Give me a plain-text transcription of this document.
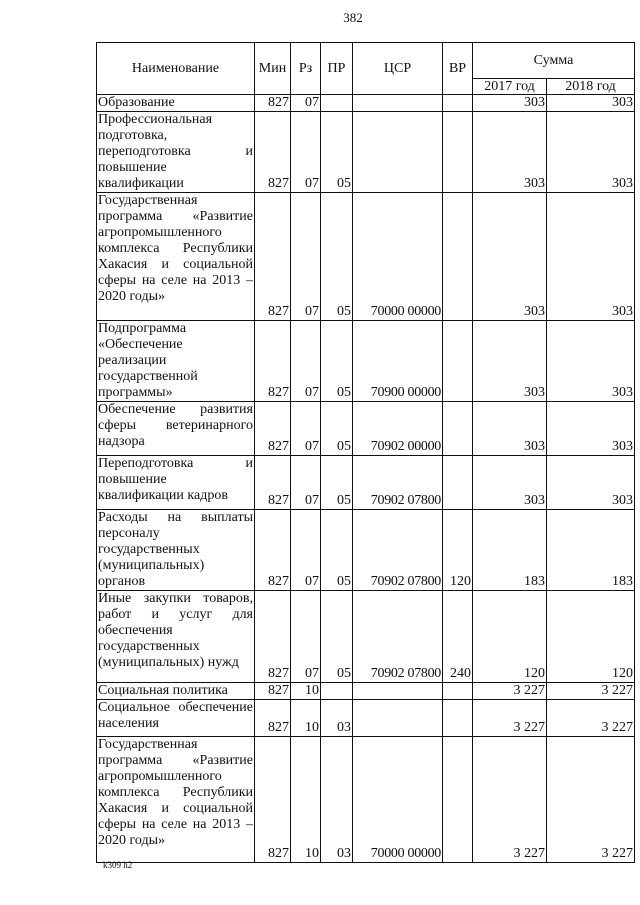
382
Наименование	Мин	Рз	ПР	ЦСР	ВР	Сумма	
						2017 год	2018 год
Образование	827	07				303	303
Профессиональная подготовка, переподготовка и повышение квалификации	827	07	05			303	303
Государственная программа «Развитие агропромышленного комплекса Республики Хакасия и социальной сферы на селе на 2013 – 2020 годы»	827	07	05	70000 00000		303	303
Подпрограмма «Обеспечение реализации государственной программы»	827	07	05	70900 00000		303	303
Обеспечение развития сферы ветеринарного надзора	827	07	05	70902 00000		303	303
Переподготовка и повышение квалификации кадров	827	07	05	70902 07800		303	303
Расходы на выплаты персоналу государственных (муниципальных) органов	827	07	05	70902 07800	120	183	183
Иные закупки товаров, работ и услуг для обеспечения государственных (муниципальных) нужд	827	07	05	70902 07800	240	120	120
Социальная политика	827	10				3 227	3 227
Социальное обеспечение населения	827	10	03			3 227	3 227
Государственная программа «Развитие агропромышленного комплекса Республики Хакасия и социальной сферы на селе на 2013 – 2020 годы»	827	10	03	70000 00000		3 227	3 227
k309 h2
